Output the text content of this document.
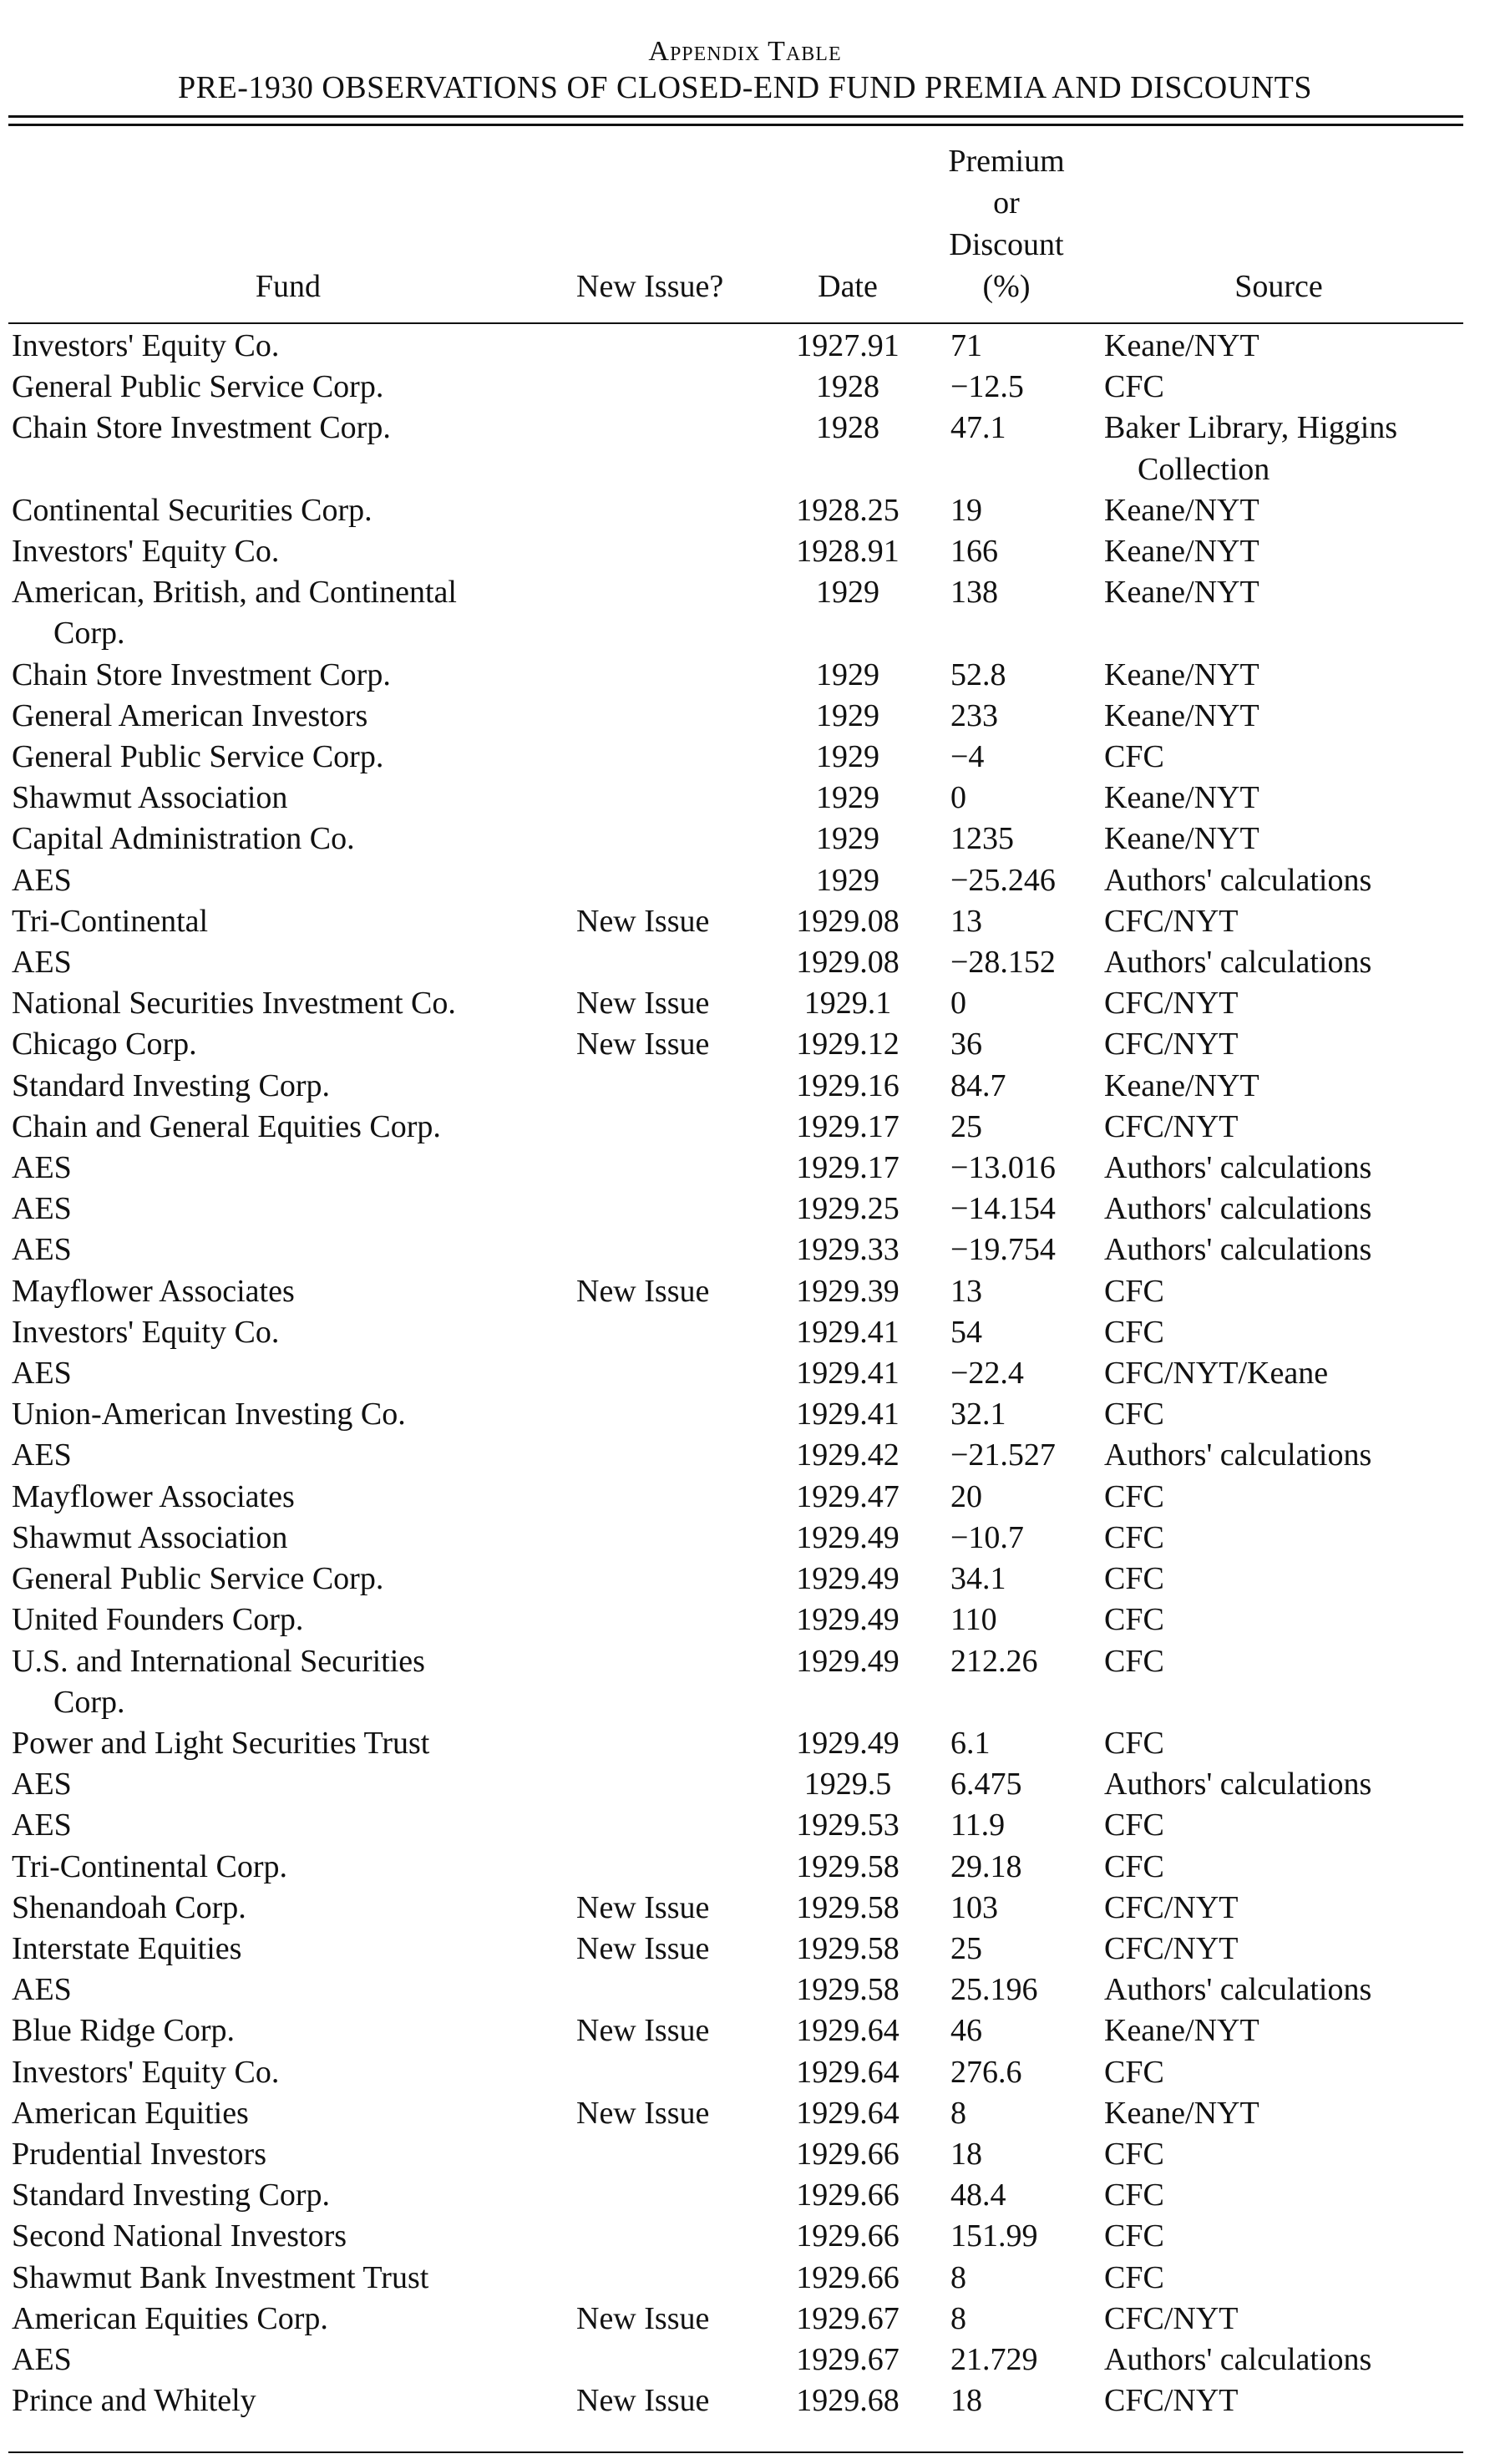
Appendix Table
PRE-1930 OBSERVATIONS OF CLOSED-END FUND PREMIA AND DISCOUNTS
Fund	New Issue?	Date	Premium
or
Discount
(%)	Source
Investors' Equity Co.		1927.91	71	Keane/NYT
General Public Service Corp.		1928	−12.5	CFC
Chain Store Investment Corp.		1928	47.1	Baker Library, Higgins
Collection

Continental Securities Corp.		1928.25	19	Keane/NYT
Investors' Equity Co.		1928.91	166	Keane/NYT
American, British, and Continental
Corp.		1929	138	Keane/NYT
Chain Store Investment Corp.		1929	52.8	Keane/NYT
General American Investors		1929	233	Keane/NYT
General Public Service Corp.		1929	−4	CFC
Shawmut Association		1929	0	Keane/NYT
Capital Administration Co.		1929	1235	Keane/NYT
AES		1929	−25.246	Authors' calculations
Tri-Continental	New Issue	1929.08	13	CFC/NYT
AES		1929.08	−28.152	Authors' calculations
National Securities Investment Co.	New Issue	1929.1	0	CFC/NYT
Chicago Corp.	New Issue	1929.12	36	CFC/NYT
Standard Investing Corp.		1929.16	84.7	Keane/NYT
Chain and General Equities Corp.		1929.17	25	CFC/NYT
AES		1929.17	−13.016	Authors' calculations
AES		1929.25	−14.154	Authors' calculations
AES		1929.33	−19.754	Authors' calculations
Mayflower Associates	New Issue	1929.39	13	CFC
Investors' Equity Co.		1929.41	54	CFC
AES		1929.41	−22.4	CFC/NYT/Keane
Union-American Investing Co.		1929.41	32.1	CFC
AES		1929.42	−21.527	Authors' calculations
Mayflower Associates		1929.47	20	CFC
Shawmut Association		1929.49	−10.7	CFC
General Public Service Corp.		1929.49	34.1	CFC
United Founders Corp.		1929.49	110	CFC
U.S. and International Securities
Corp.		1929.49	212.26	CFC
Power and Light Securities Trust		1929.49	6.1	CFC
AES		1929.5	6.475	Authors' calculations
AES		1929.53	11.9	CFC
Tri-Continental Corp.		1929.58	29.18	CFC
Shenandoah Corp.	New Issue	1929.58	103	CFC/NYT
Interstate Equities	New Issue	1929.58	25	CFC/NYT
AES		1929.58	25.196	Authors' calculations
Blue Ridge Corp.	New Issue	1929.64	46	Keane/NYT
Investors' Equity Co.		1929.64	276.6	CFC
American Equities	New Issue	1929.64	8	Keane/NYT
Prudential Investors		1929.66	18	CFC
Standard Investing Corp.		1929.66	48.4	CFC
Second National Investors		1929.66	151.99	CFC
Shawmut Bank Investment Trust		1929.66	8	CFC
American Equities Corp.	New Issue	1929.67	8	CFC/NYT
AES		1929.67	21.729	Authors' calculations
Prince and Whitely	New Issue	1929.68	18	CFC/NYT
